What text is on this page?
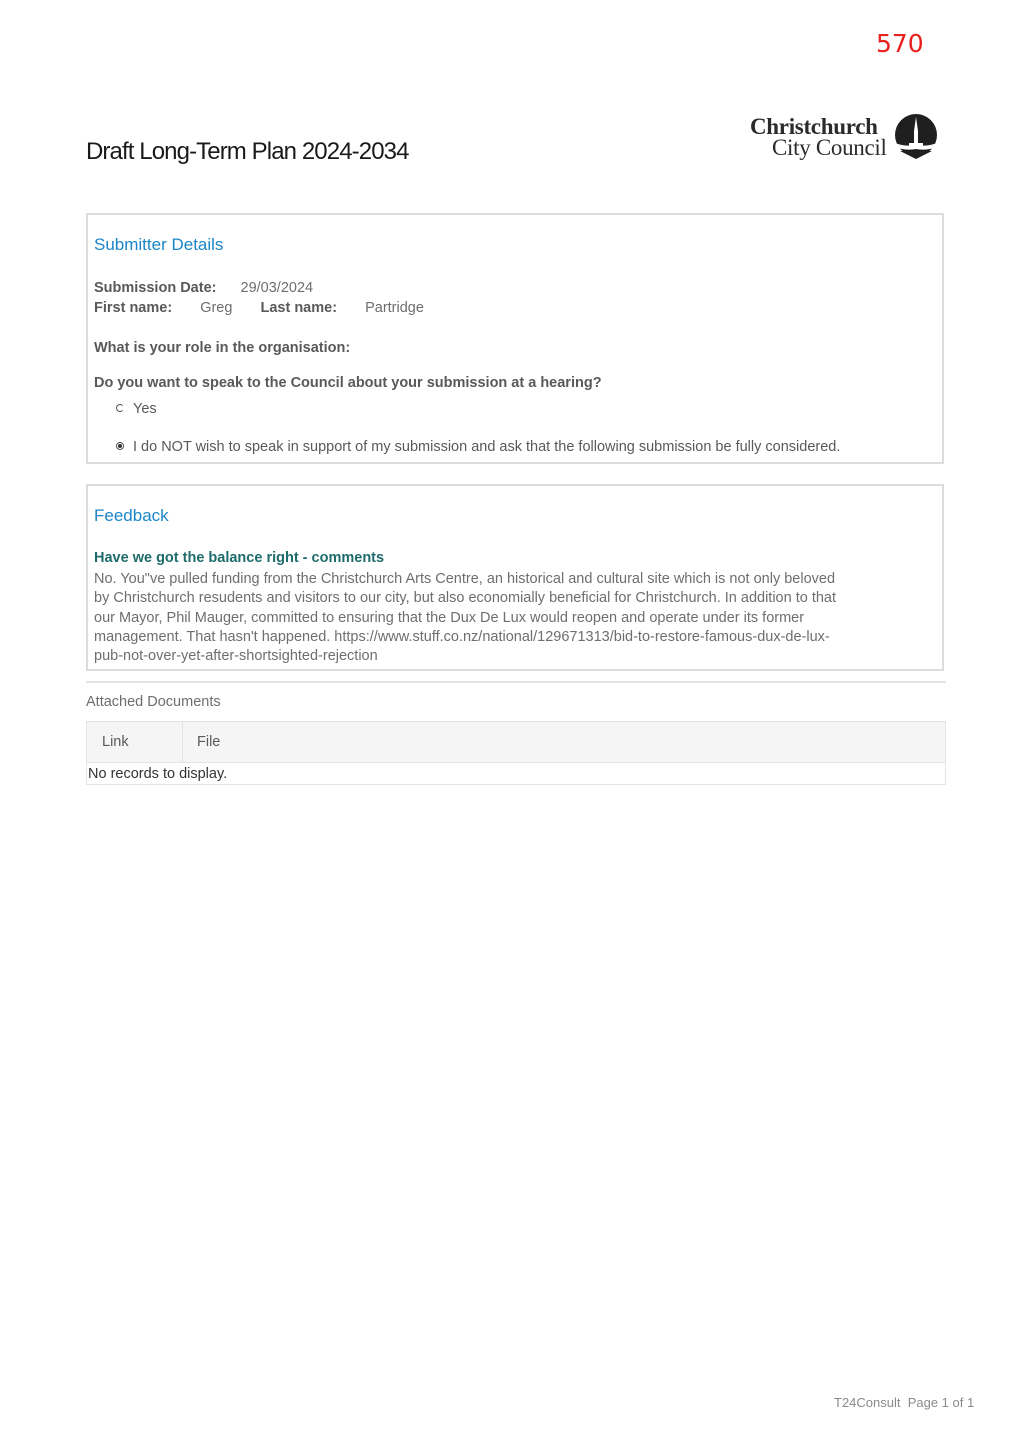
570
Draft Long-Term Plan 2024-2034
Christchurch
City Council
Submitter Details
Submission Date: 29/03/2024
First name: Greg Last name: Partridge
What is your role in the organisation:
Do you want to speak to the Council about your submission at a hearing?
Yes
I do NOT wish to speak in support of my submission and ask that the following submission be fully considered.
Feedback
Have we got the balance right - comments
No. You"ve pulled funding from the Christchurch Arts Centre, an historical and cultural site which is not only beloved by Christchurch resudents and visitors to our city, but also economially beneficial for Christchurch. In addition to that our Mayor, Phil Mauger, committed to ensuring that the Dux De Lux would reopen and operate under its former management. That hasn't happened. https://www.stuff.co.nz/national/129671313/bid-to-restore-famous-dux-de-lux-pub-not-over-yet-after-shortsighted-rejection
Attached Documents
Link	File
No records to display.
T24Consult  Page 1 of 1
